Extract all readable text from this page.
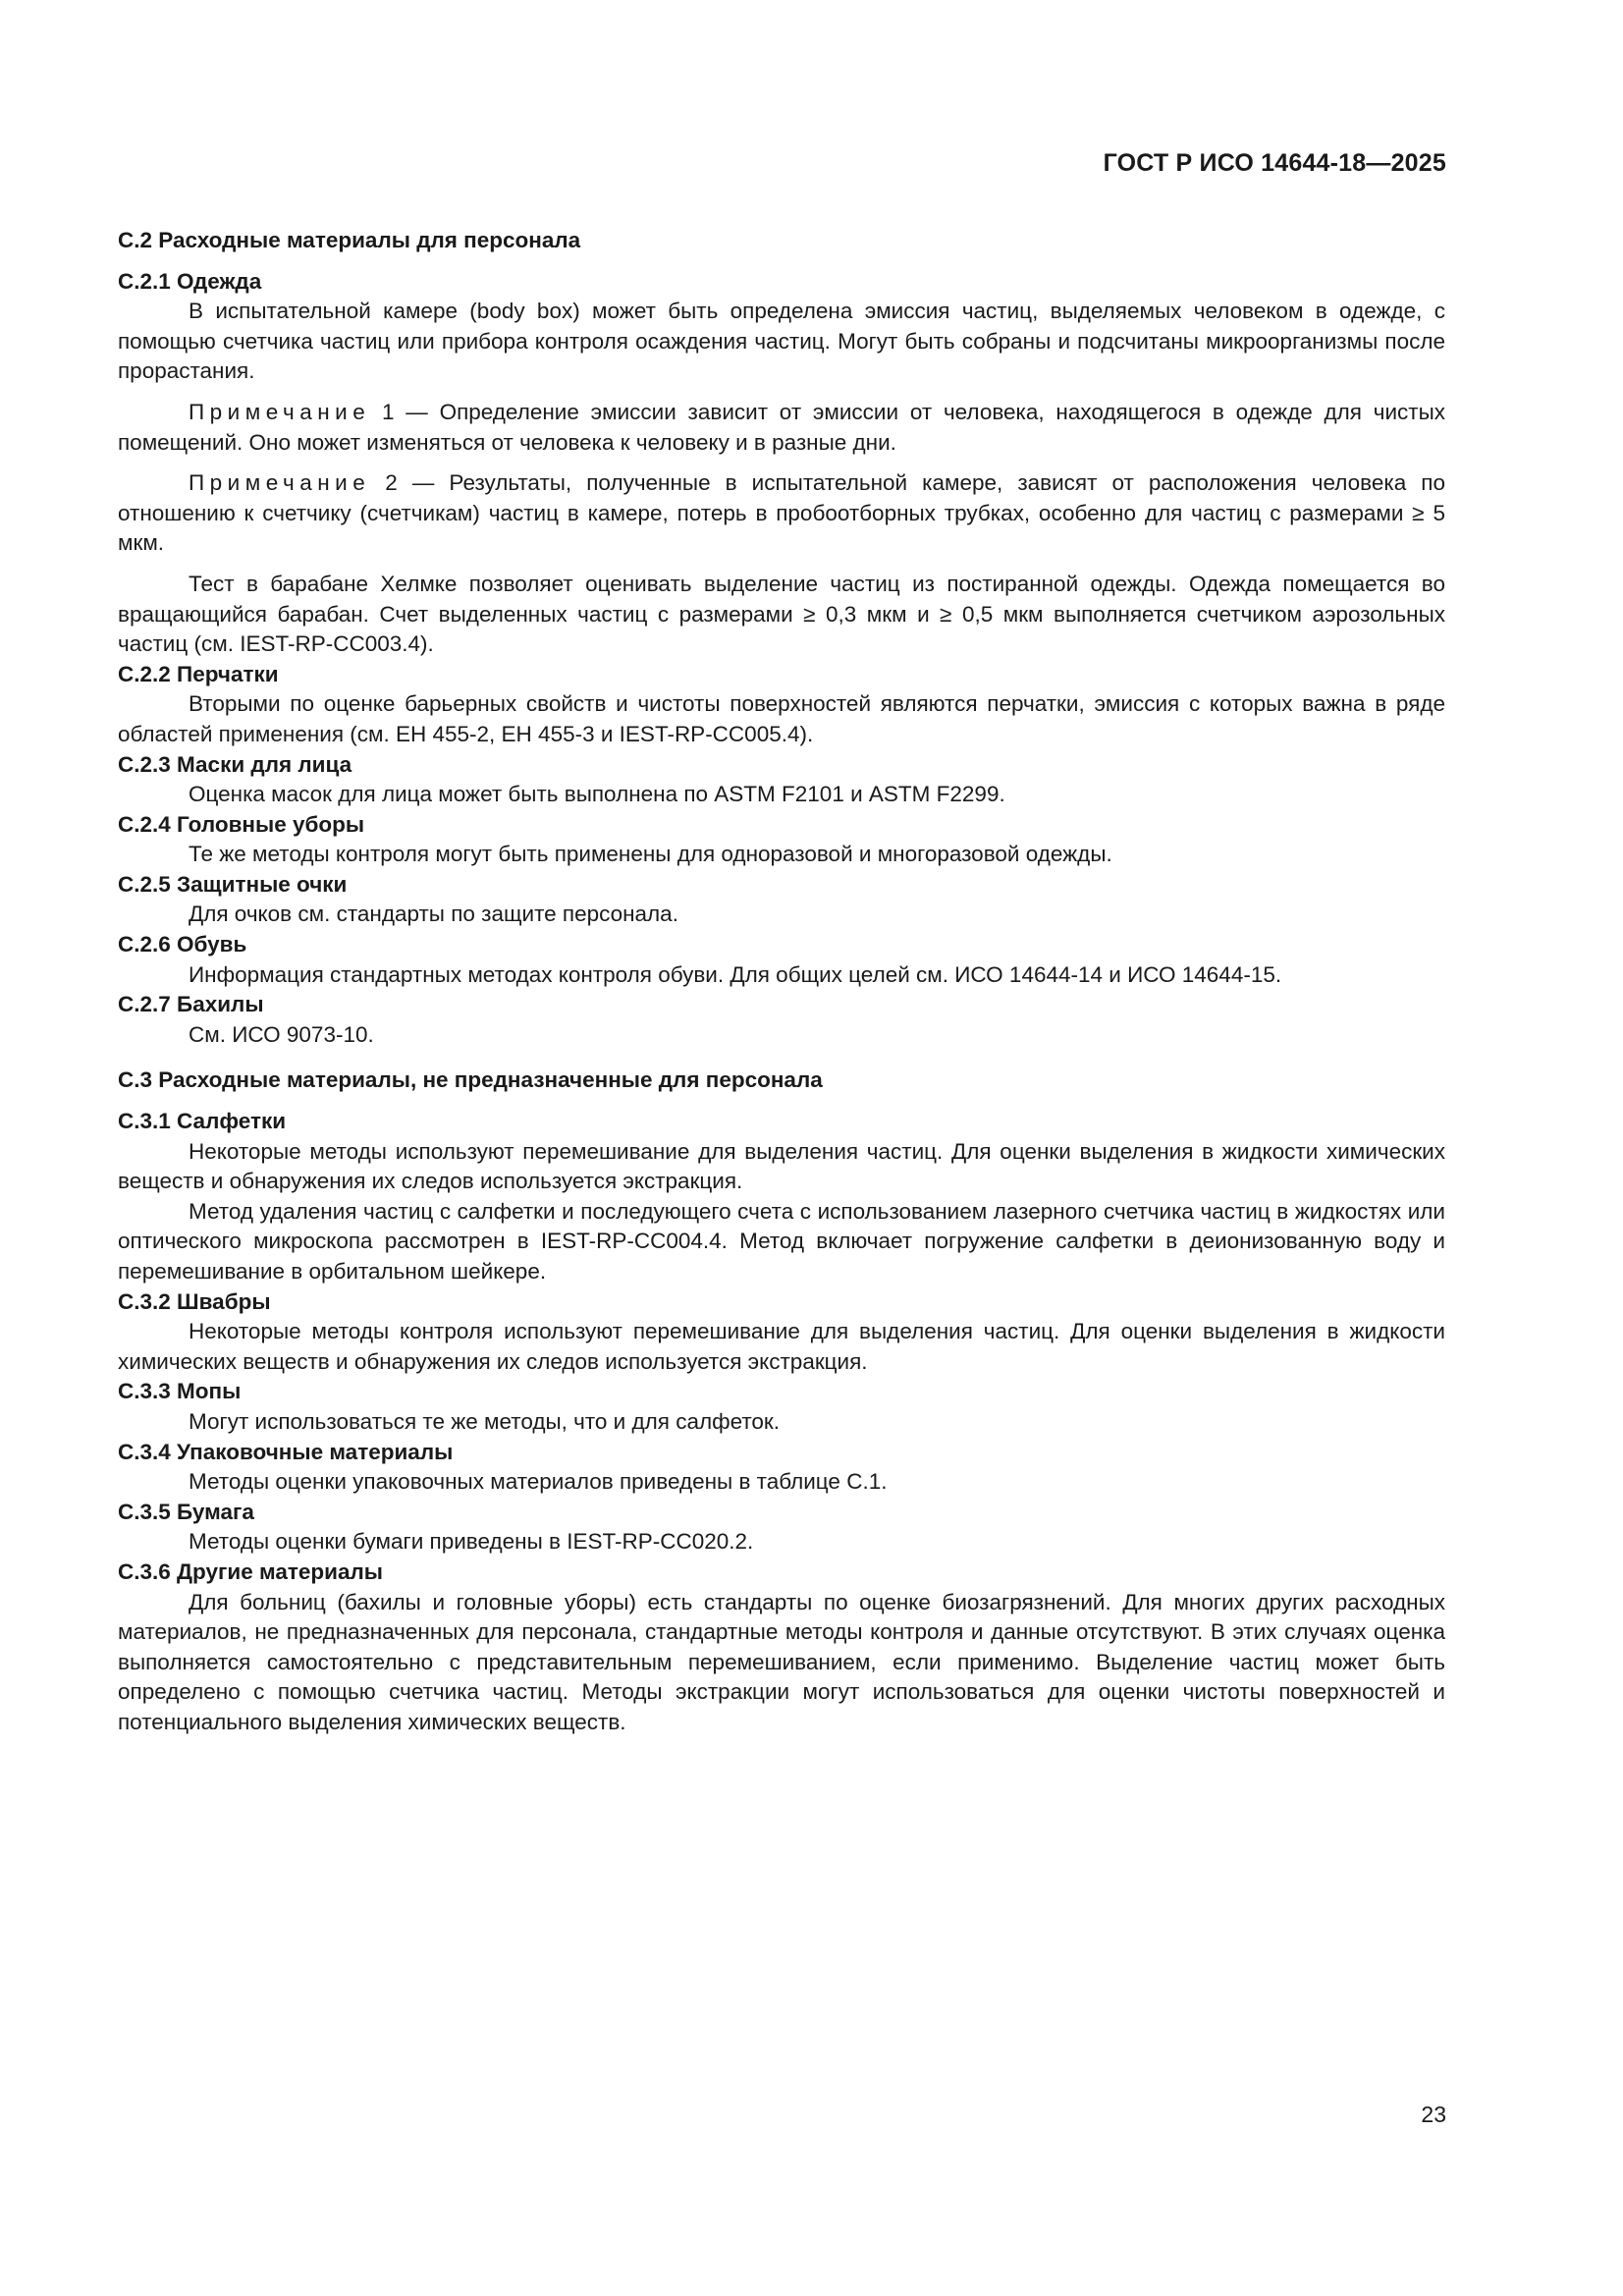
ГОСТ Р ИСО 14644-18—2025

С.2 Расходные материалы для персонала

С.2.1 Одежда

В испытательной камере (body box) может быть определена эмиссия частиц, выделяемых человеком в одежде, с помощью счетчика частиц или прибора контроля осаждения частиц. Могут быть собраны и подсчитаны микроорганизмы после прорастания.

Примечание 1 — Определение эмиссии зависит от эмиссии от человека, находящегося в одежде для чистых помещений. Оно может изменяться от человека к человеку и в разные дни.

Примечание 2 — Результаты, полученные в испытательной камере, зависят от расположения человека по отношению к счетчику (счетчикам) частиц в камере, потерь в пробоотборных трубках, особенно для частиц с размерами ≥ 5 мкм.

Тест в барабане Хелмке позволяет оценивать выделение частиц из постиранной одежды. Одежда помещается во вращающийся барабан. Счет выделенных частиц с размерами ≥ 0,3 мкм и ≥ 0,5 мкм выполняется счетчиком аэрозольных частиц (см. IEST-RP-CC003.4).

С.2.2 Перчатки

Вторыми по оценке барьерных свойств и чистоты поверхностей являются перчатки, эмиссия с которых важна в ряде областей применения (см. ЕН 455-2, ЕН 455-3 и IEST-RP-CC005.4).

С.2.3 Маски для лица

Оценка масок для лица может быть выполнена по ASTM F2101 и ASTM F2299.

С.2.4 Головные уборы

Те же методы контроля могут быть применены для одноразовой и многоразовой одежды.

С.2.5 Защитные очки

Для очков см. стандарты по защите персонала.

С.2.6 Обувь

Информация стандартных методах контроля обуви. Для общих целей см. ИСО 14644-14 и ИСО 14644-15.

С.2.7 Бахилы

См. ИСО 9073-10.

С.3 Расходные материалы, не предназначенные для персонала

С.3.1 Салфетки

Некоторые методы используют перемешивание для выделения частиц. Для оценки выделения в жидкости химических веществ и обнаружения их следов используется экстракция.

Метод удаления частиц с салфетки и последующего счета с использованием лазерного счетчика частиц в жидкостях или оптического микроскопа рассмотрен в IEST-RP-CC004.4. Метод включает погружение салфетки в деионизованную воду и перемешивание в орбитальном шейкере.

С.3.2 Швабры

Некоторые методы контроля используют перемешивание для выделения частиц. Для оценки выделения в жидкости химических веществ и обнаружения их следов используется экстракция.

С.3.3 Мопы

Могут использоваться те же методы, что и для салфеток.

С.3.4 Упаковочные материалы

Методы оценки упаковочных материалов приведены в таблице С.1.

С.3.5 Бумага

Методы оценки бумаги приведены в IEST-RP-CC020.2.

С.3.6 Другие материалы

Для больниц (бахилы и головные уборы) есть стандарты по оценке биозагрязнений. Для многих других расходных материалов, не предназначенных для персонала, стандартные методы контроля и данные отсутствуют. В этих случаях оценка выполняется самостоятельно с представительным перемешиванием, если применимо. Выделение частиц может быть определено с помощью счетчика частиц. Методы экстракции могут использоваться для оценки чистоты поверхностей и потенциального выделения химических веществ.

23
